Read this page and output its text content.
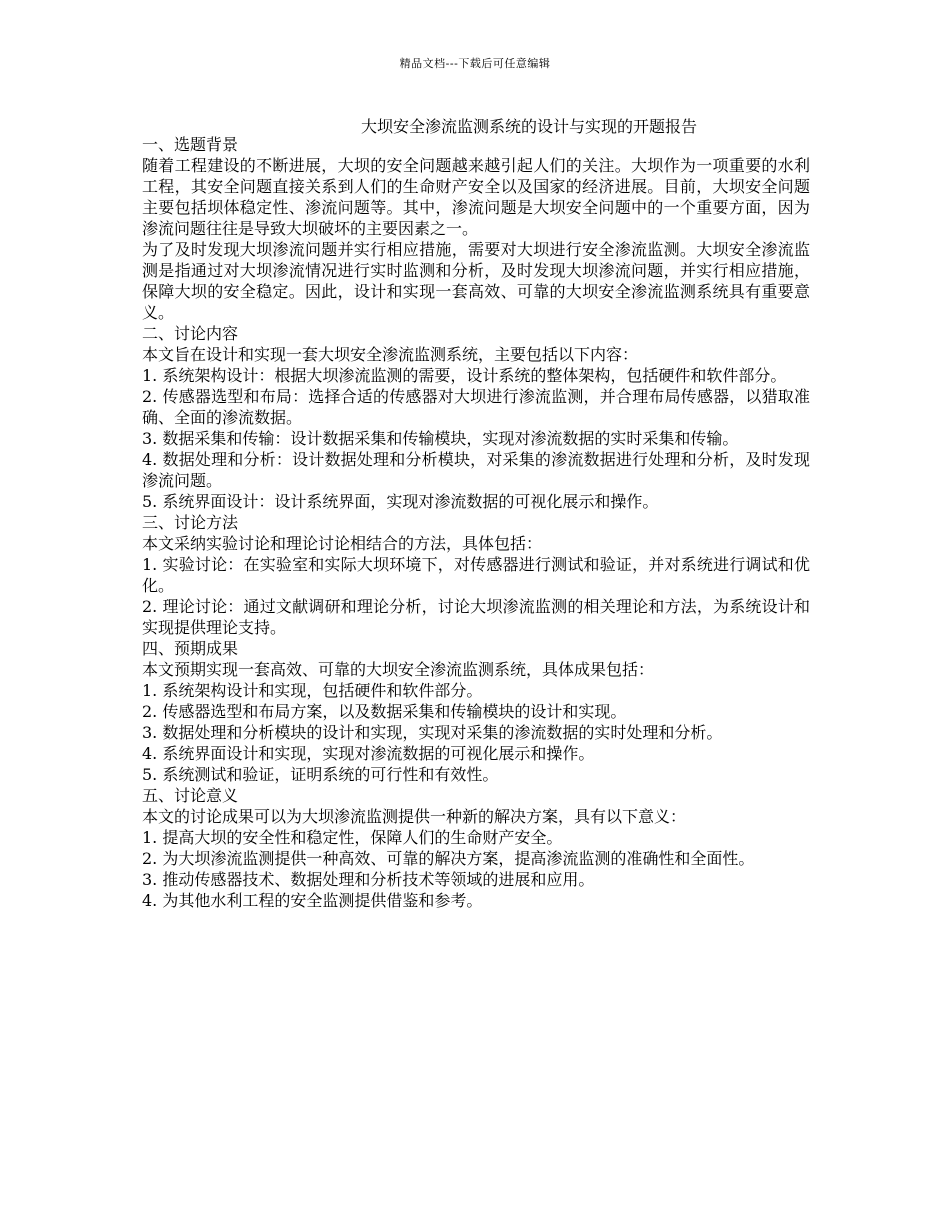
精品文档---下载后可任意编辑
大坝安全渗流监测系统的设计与实现的开题报告

一、选题背景

随着工程建设的不断进展，大坝的安全问题越来越引起人们的关注。大坝作为一项重要的水利工程，其安全问题直接关系到人们的生命财产安全以及国家的经济进展。目前，大坝安全问题主要包括坝体稳定性、渗流问题等。其中，渗流问题是大坝安全问题中的一个重要方面，因为渗流问题往往是导致大坝破坏的主要因素之一。

为了及时发现大坝渗流问题并实行相应措施，需要对大坝进行安全渗流监测。大坝安全渗流监测是指通过对大坝渗流情况进行实时监测和分析，及时发现大坝渗流问题，并实行相应措施，保障大坝的安全稳定。因此，设计和实现一套高效、可靠的大坝安全渗流监测系统具有重要意义。

二、讨论内容

本文旨在设计和实现一套大坝安全渗流监测系统，主要包括以下内容：

1. 系统架构设计：根据大坝渗流监测的需要，设计系统的整体架构，包括硬件和软件部分。

2. 传感器选型和布局：选择合适的传感器对大坝进行渗流监测，并合理布局传感器，以猎取准确、全面的渗流数据。

3. 数据采集和传输：设计数据采集和传输模块，实现对渗流数据的实时采集和传输。

4. 数据处理和分析：设计数据处理和分析模块，对采集的渗流数据进行处理和分析，及时发现渗流问题。

5. 系统界面设计：设计系统界面，实现对渗流数据的可视化展示和操作。

三、讨论方法

本文采纳实验讨论和理论讨论相结合的方法，具体包括：

1. 实验讨论：在实验室和实际大坝环境下，对传感器进行测试和验证，并对系统进行调试和优化。

2. 理论讨论：通过文献调研和理论分析，讨论大坝渗流监测的相关理论和方法，为系统设计和实现提供理论支持。

四、预期成果

本文预期实现一套高效、可靠的大坝安全渗流监测系统，具体成果包括：

1. 系统架构设计和实现，包括硬件和软件部分。

2. 传感器选型和布局方案，以及数据采集和传输模块的设计和实现。

3. 数据处理和分析模块的设计和实现，实现对采集的渗流数据的实时处理和分析。

4. 系统界面设计和实现，实现对渗流数据的可视化展示和操作。

5. 系统测试和验证，证明系统的可行性和有效性。

五、讨论意义

本文的讨论成果可以为大坝渗流监测提供一种新的解决方案，具有以下意义：

1. 提高大坝的安全性和稳定性，保障人们的生命财产安全。

2. 为大坝渗流监测提供一种高效、可靠的解决方案，提高渗流监测的准确性和全面性。

3. 推动传感器技术、数据处理和分析技术等领域的进展和应用。

4. 为其他水利工程的安全监测提供借鉴和参考。
